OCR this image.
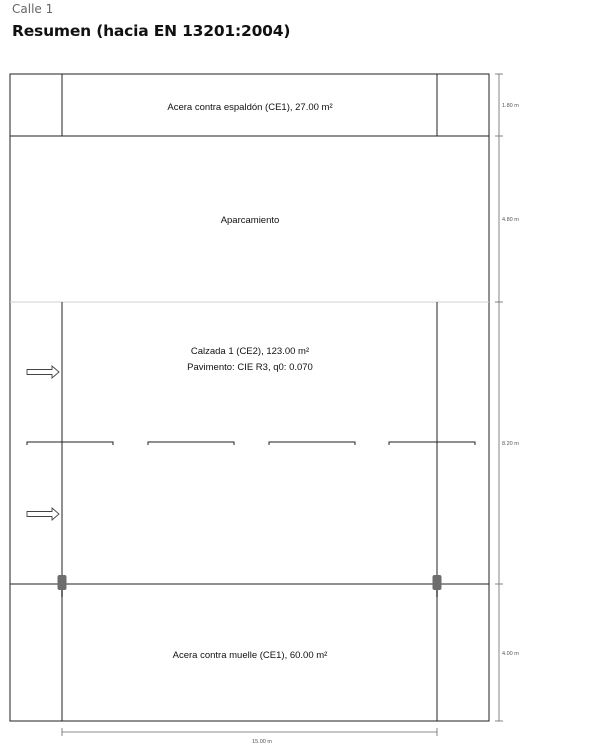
Calle 1
Resumen (hacia EN 13201:2004)
Acera contra espaldón (CE1), 27.00 m²
Aparcamiento
Calzada 1 (CE2), 123.00 m²
Pavimento: CIE R3, q0: 0.070
Acera contra muelle (CE1), 60.00 m²
1.80 m
4.80 m
8.20 m
4.00 m
15.00 m
